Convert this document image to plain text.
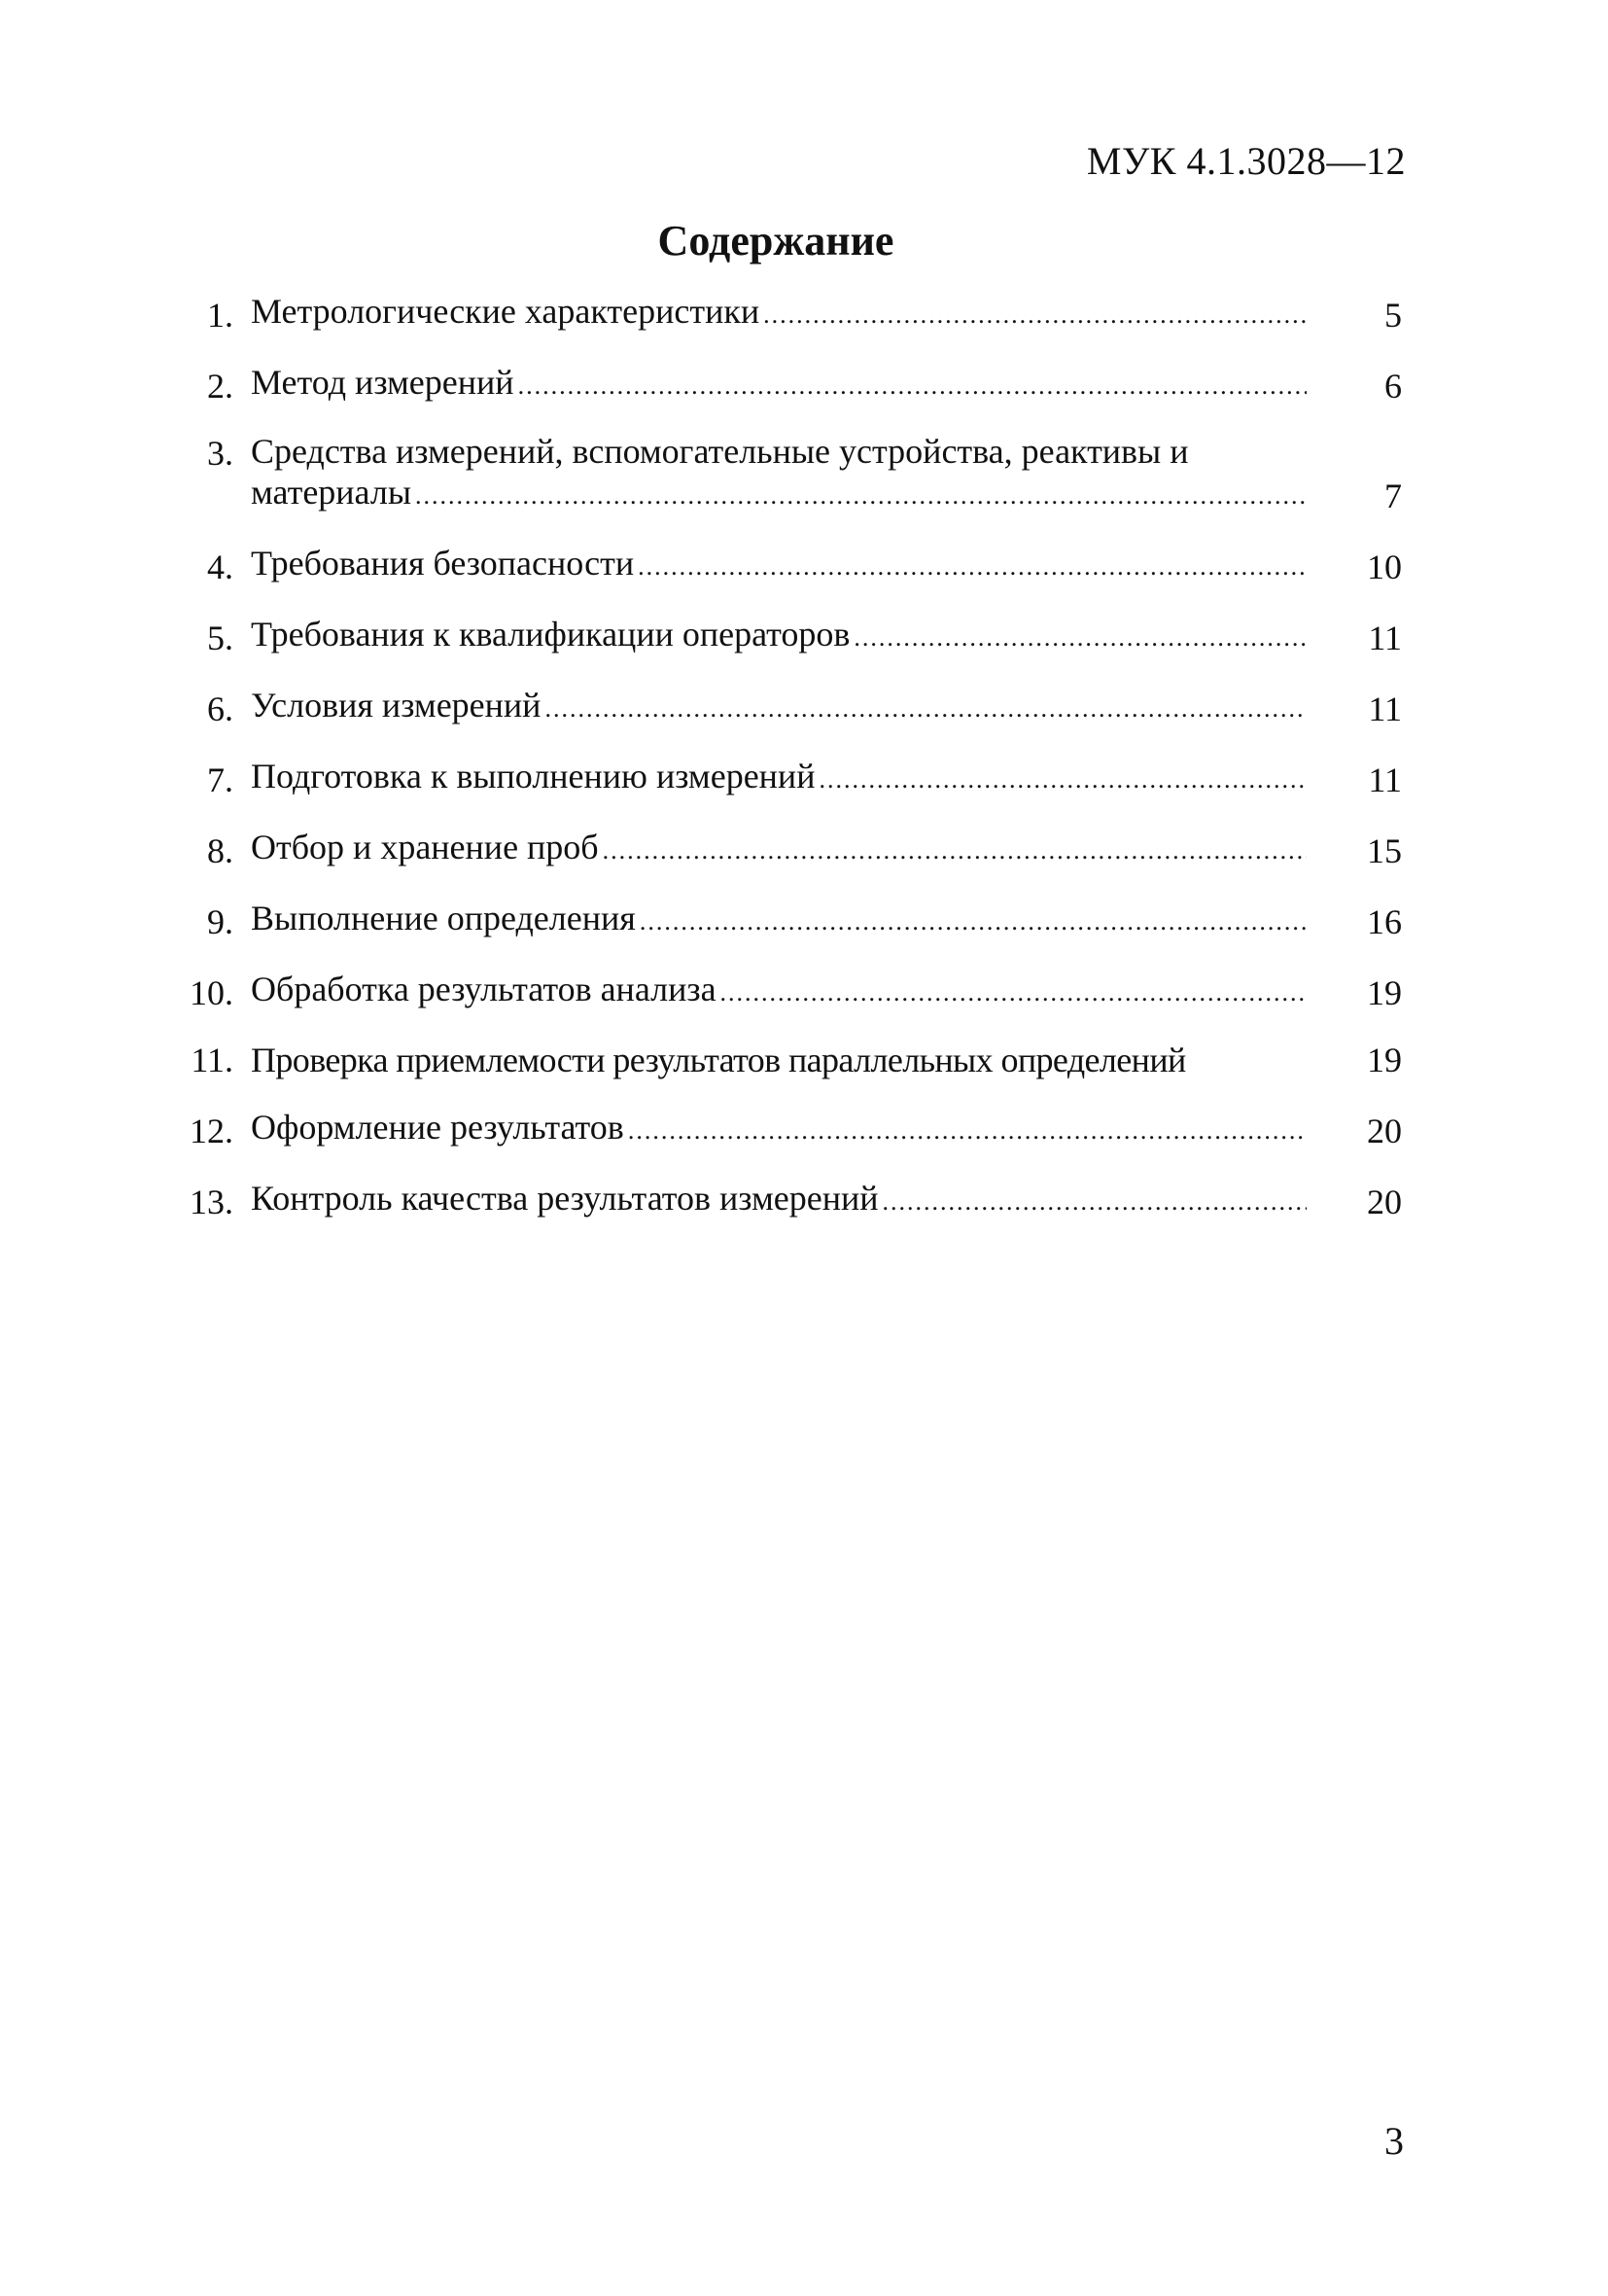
МУК 4.1.3028—12
Содержание
1. Метрологические характеристики .....	5
2. Метод измерений .....	6
3. Средства измерений, вспомогательные устройства, реактивы и
материалы .....	7
4. Требования безопасности .....	10
5. Требования к квалификации операторов .....	11
6. Условия измерений .....	11
7. Подготовка к выполнению измерений .....	11
8. Отбор и хранение проб .....	15
9. Выполнение определения .....	16
10. Обработка результатов анализа .....	19
11. Проверка приемлемости результатов параллельных определений	19
12. Оформление результатов .....	20
13. Контроль качества результатов измерений .....	20
3
